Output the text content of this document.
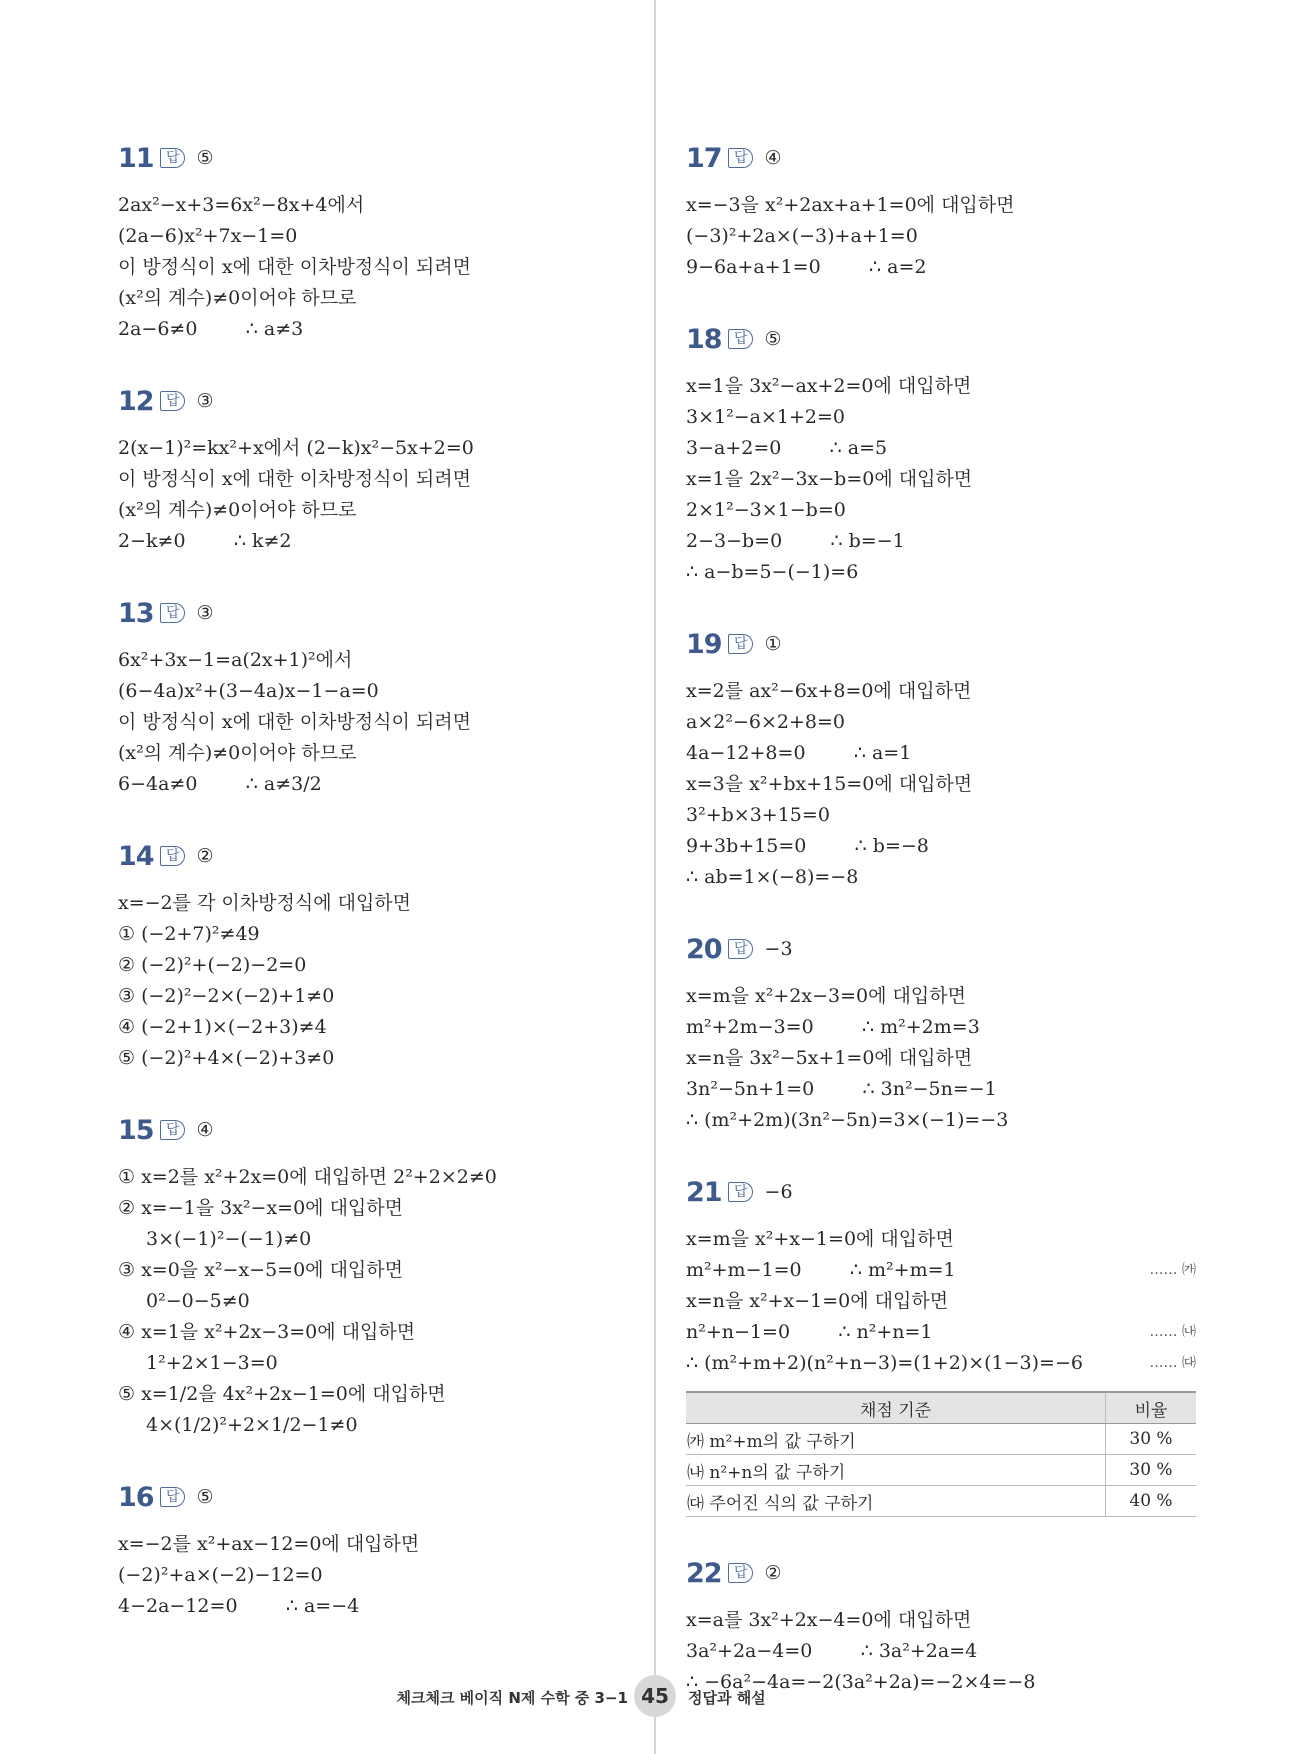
11 답 ⑤
2ax²−x+3=6x²−8x+4에서
(2a−6)x²+7x−1=0
이 방정식이 x에 대한 이차방정식이 되려면
(x²의 계수)≠0이어야 하므로
2a−6≠0        ∴ a≠3
12 답 ③
2(x−1)²=kx²+x에서 (2−k)x²−5x+2=0
이 방정식이 x에 대한 이차방정식이 되려면
(x²의 계수)≠0이어야 하므로
2−k≠0        ∴ k≠2
13 답 ③
6x²+3x−1=a(2x+1)²에서
(6−4a)x²+(3−4a)x−1−a=0
이 방정식이 x에 대한 이차방정식이 되려면
(x²의 계수)≠0이어야 하므로
6−4a≠0        ∴ a≠3/2
14 답 ②
x=−2를 각 이차방정식에 대입하면
① (−2+7)²≠49
② (−2)²+(−2)−2=0
③ (−2)²−2×(−2)+1≠0
④ (−2+1)×(−2+3)≠4
⑤ (−2)²+4×(−2)+3≠0
15 답 ④
① x=2를 x²+2x=0에 대입하면 2²+2×2≠0
② x=−1을 3x²−x=0에 대입하면
3×(−1)²−(−1)≠0
③ x=0을 x²−x−5=0에 대입하면
0²−0−5≠0
④ x=1을 x²+2x−3=0에 대입하면
1²+2×1−3=0
⑤ x=1/2을 4x²+2x−1=0에 대입하면
4×(1/2)²+2×1/2−1≠0
16 답 ⑤
x=−2를 x²+ax−12=0에 대입하면
(−2)²+a×(−2)−12=0
4−2a−12=0        ∴ a=−4
17 답 ④
x=−3을 x²+2ax+a+1=0에 대입하면
(−3)²+2a×(−3)+a+1=0
9−6a+a+1=0        ∴ a=2
18 답 ⑤
x=1을 3x²−ax+2=0에 대입하면
3×1²−a×1+2=0
3−a+2=0        ∴ a=5
x=1을 2x²−3x−b=0에 대입하면
2×1²−3×1−b=0
2−3−b=0        ∴ b=−1
∴ a−b=5−(−1)=6
19 답 ①
x=2를 ax²−6x+8=0에 대입하면
a×2²−6×2+8=0
4a−12+8=0        ∴ a=1
x=3을 x²+bx+15=0에 대입하면
3²+b×3+15=0
9+3b+15=0        ∴ b=−8
∴ ab=1×(−8)=−8
20 답 −3
x=m을 x²+2x−3=0에 대입하면
m²+2m−3=0        ∴ m²+2m=3
x=n을 3x²−5x+1=0에 대입하면
3n²−5n+1=0        ∴ 3n²−5n=−1
∴ (m²+2m)(3n²−5n)=3×(−1)=−3
21 답 −6
x=m을 x²+x−1=0에 대입하면
m²+m−1=0        ∴ m²+m=1	…… ㈎
x=n을 x²+x−1=0에 대입하면
n²+n−1=0        ∴ n²+n=1	…… ㈏
∴ (m²+m+2)(n²+n−3)=(1+2)×(1−3)=−6	…… ㈐
채점 기준	비율
㈎ m²+m의 값 구하기	30 %
㈏ n²+n의 값 구하기	30 %
㈐ 주어진 식의 값 구하기	40 %
22 답 ②
x=a를 3x²+2x−4=0에 대입하면
3a²+2a−4=0        ∴ 3a²+2a=4
∴ −6a²−4a=−2(3a²+2a)=−2×4=−8
체크체크 베이직 N제 수학 중 3−1 45	정답과 해설
